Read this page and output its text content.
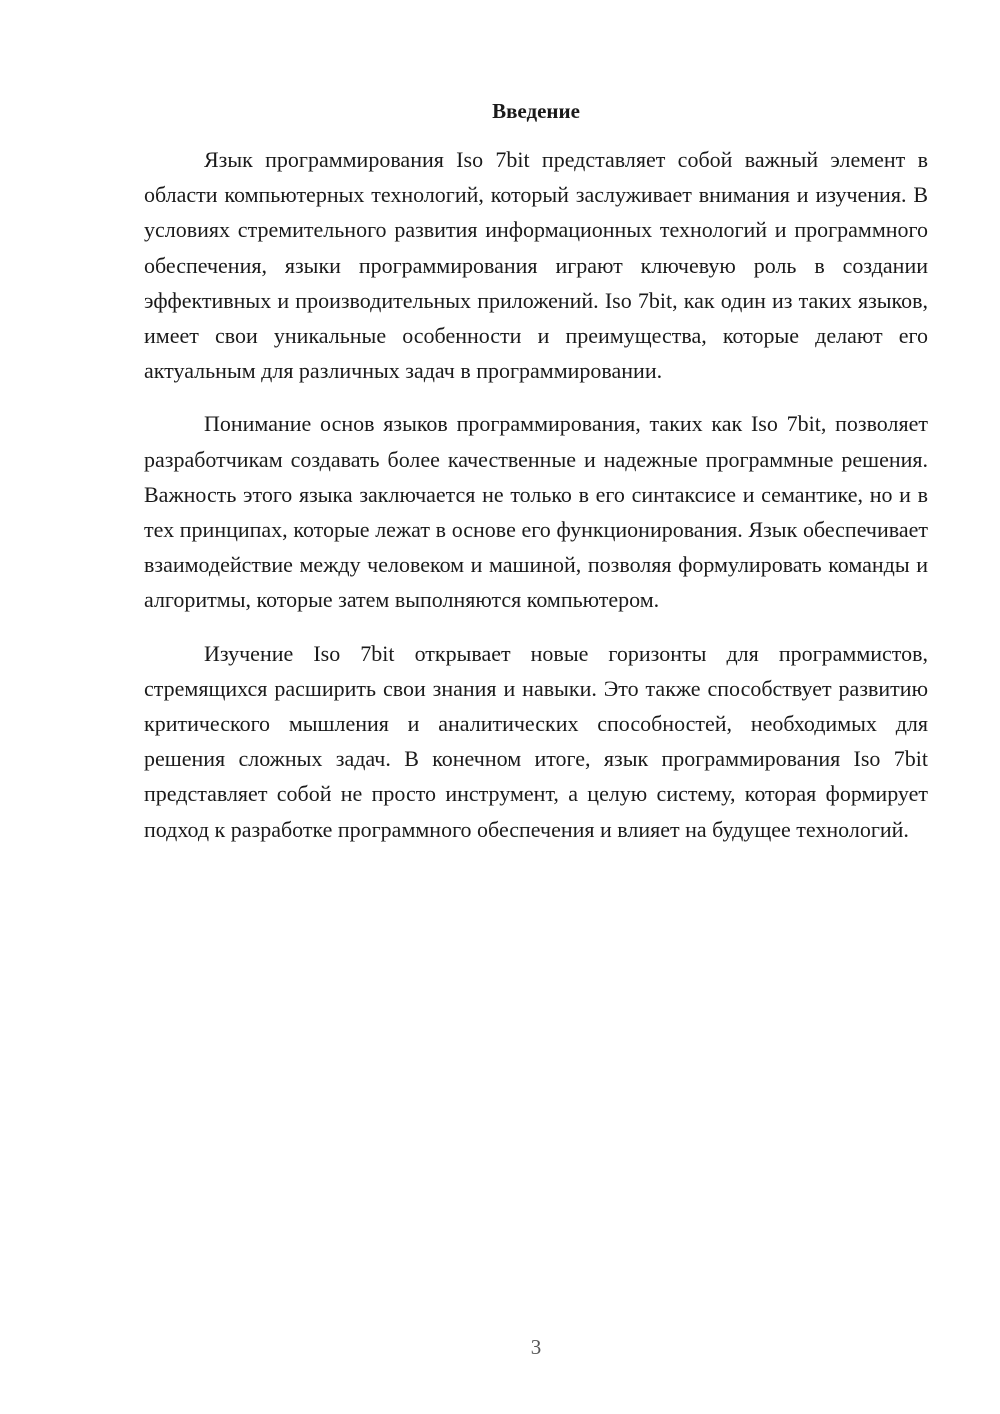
Введение

Язык программирования Iso 7bit представляет собой важный элемент в области компьютерных технологий, который заслуживает внимания и изучения. В условиях стремительного развития информационных технологий и программного обеспечения, языки программирования играют ключевую роль в создании эффективных и производительных приложений. Iso 7bit, как один из таких языков, имеет свои уникальные особенности и преимущества, которые делают его актуальным для различных задач в программировании.

Понимание основ языков программирования, таких как Iso 7bit, позволяет разработчикам создавать более качественные и надежные программные решения. Важность этого языка заключается не только в его синтаксисе и семантике, но и в тех принципах, которые лежат в основе его функционирования. Язык обеспечивает взаимодействие между человеком и машиной, позволяя формулировать команды и алгоритмы, которые затем выполняются компьютером.

Изучение Iso 7bit открывает новые горизонты для программистов, стремящихся расширить свои знания и навыки. Это также способствует развитию критического мышления и аналитических способностей, необходимых для решения сложных задач. В конечном итоге, язык программирования Iso 7bit представляет собой не просто инструмент, а целую систему, которая формирует подход к разработке программного обеспечения и влияет на будущее технологий.

3
